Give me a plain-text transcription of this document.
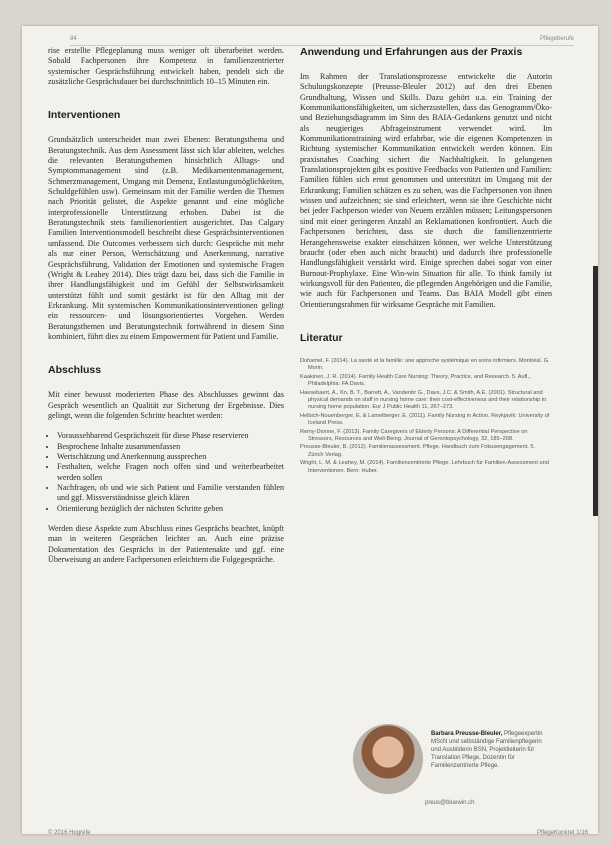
84	Pflegeberufe

rise erstellte Pflegeplanung muss weniger oft überarbeitet werden. Sobald Fachpersonen ihre Kompetenz in familienzentrierter systemischer Gesprächsführung entwickelt haben, pendelt sich die zusätzliche Gesprächsdauer bei durchschnittlich 10–15 Minuten ein.

Interventionen

Grundsätzlich unterscheidet man zwei Ebenen: Beratungsthema und Beratungstechnik. Aus dem Assessment lässt sich klar ableiten, welches die relevanten Beratungsthemen hinsichtlich Alltags- und Symptommanagement sind (z.B. Medikamentenmanagement, Schmerzmanagement, Umgang mit Demenz, Entlastungsmöglichkeiten, Schuldgefühlen usw). Gemeinsam mit der Familie werden die Themen nach Priorität gelistet, die Aspekte genannt und eine mögliche interprofessionelle Unterstützung erhoben. Dabei ist die Beratungstechnik stets familienorientiert ausgerichtet. Das Calgary Familien Interventionsmodell beschreibt diese Gesprächsinterventionen umfassend. Die Outcomes verbessern sich durch: Gespräche mit mehr als nur einer Person, Wertschätzung und Anerkennung, narrative Gesprächsführung, Validation der Emotionen und systemische Fragen (Wright & Leahey 2014). Dies trägt dazu bei, dass sich die Familie in ihrer Handlungsfähigkeit und im Gefühl der Selbstwirksamkeit unterstützt fühlt und somit gestärkt ist für den Alltag mit der Erkrankung. Mit systemischen Kommunikationsinterventionen gelingt ein ressourcen- und lösungsorientiertes Vorgehen. Werden Beratungsthemen und Beratungstechnik fortwährend in diesem Sinn kombiniert, führt dies zu einem Empowerment für Patient und Familie.

Abschluss

Mit einer bewusst moderierten Phase des Abschlusses gewinnt das Gespräch wesentlich an Qualität zur Sicherung der Ergebnisse. Dies gelingt, wenn die folgenden Schritte beachtet werden:

• Voraussehbarend Gesprächszeit für diese Phase reservieren
• Besprochene Inhalte zusammenfassen
• Wertschätzung und Anerkennung aussprechen
• Festhalten, welche Fragen noch offen sind und weiterbearbeitet werden sollen
• Nachfragen, ob und wie sich Patient und Familie verstanden fühlen und ggf. Missverständnisse gleich klären
• Orientierung bezüglich der nächsten Schritte geben

Werden diese Aspekte zum Abschluss eines Gesprächs beachtet, knüpft man in weiteren Gesprächen leichter an. Auch eine präzise Dokumentation des Gesprächs in der Patientenakte und ggf. eine Überweisung an andere Fachpersonen erleichtern die Folgegespräche.

Anwendung und Erfahrungen aus der Praxis

Im Rahmen der Translationsprozesse entwickelte die Autorin Schulungskonzepte (Preusse-Bleuler 2012) auf den drei Ebenen Grundhaltung, Wissen und Skills. Dazu gehört u.a. ein Training der Kommunikationsfähigkeiten, um sicherzustellen, dass das Genogramm/Öko- und Beziehungsdiagramm im Sinn des BAIA-Gedankens genutzt und nicht als neugieriges Abfrageinstrument verwendet wird. Im Kommunikationstraining wird erfahrbar, wie die eigenen Kompetenzen in Richtung systemischer Kommunikation entwickelt werden können. Ein praxisnahes Coaching sichert die Nachhaltigkeit. In gelungenen Translationsprojekten gibt es positive Feedbacks von Patienten und Familien: Familien fühlen sich ernst genommen und unterstützt im Umgang mit der Erkrankung; Familien schätzen es zu sehen, was die Fachpersonen von ihnen wissen und aufzeichnen; sie sind erleichtert, wenn sie ihre Geschichte nicht bei jeder Fachperson wieder von Neuem erzählen müssen; Leitungspersonen sind mit einer geringeren Anzahl an Reklamationen konfrontiert. Auch die Fachpersonen berichten, dass sie durch die familienzentrierte Herangehensweise exakter einschätzen können, wer welche Unterstützung braucht (oder eben auch nicht braucht) und dadurch ihre professionelle Handlungsfähigkeit verstärkt wird. Einige sprechen dabei sogar von einer Burnout-Prophylaxe. Eine Win-win Situation für alle. To think family ist wirkungsvoll für den Patienten, die pflegenden Angehörigen und die Familie, wie auch für Fachpersonen und Teams. Das BAIA Modell gibt einen Orientierungsrahmen für wirksame Gespräche mit Familien.

Literatur
Duhamel, F. (2014). La santé et la famille: une approche systémique en soins infirmiers. Montréal. G. Morin.
Kaakinen, J. R. (2014). Family Health Care Nursing: Theory, Practice, and Research. 5. Aufl., Philadelphia: FA Davis.
Haesebaert, A., Kn, B. T., Barrett, A., Vandenbr G., Davs, J.C. & Smith, A.E. (2001). Structural and physical demands on staff in nursing home care: their cost-effectiveness and their relationship to nursing home population. Eur J Public Health 11, 267–273.
Helbich-Nouenberger, E. & Lamelberger, E. (2011). Family Nursing in Action. Reykjavík: University of Iceland Press.
Remy-Dionne, F. (2013). Family Caregivers of Elderly Persons: A Differential Perspective on Stressors, Resources and Well-Being. Journal of Gerontopsychology, 32, 185–208.
Preusse-Bleuler, B. (2012). Familienassessment. Pflege. Handbuch zum Fokusengagement. 5. Zürich Verlag.
Wright, L. M. & Leahey, M. (2014). Familienzentrierte Pflege. Lehrbuch für Familien-Assessment und Interventionen. Bern: Huber.
Barbara Preusse-Bleuler, Pflegeexpertin MScN und selbständige Familienpflegerin und Ausbilderin BSN, Projektleiterin für Translation Pflege, Dozentin für Familienzentrierte Pflege.
preus@bluewin.ch
© 2016 Hogrefe	PflegeKonkret 1/16
